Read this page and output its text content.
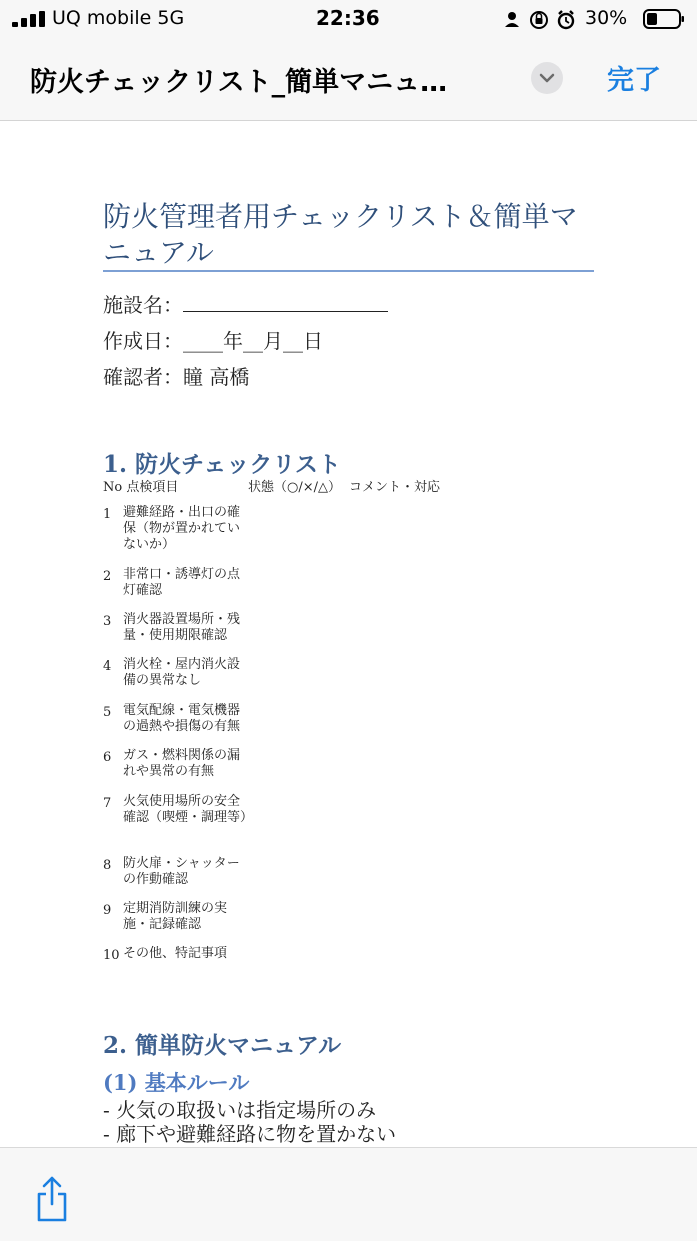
UQ mobile 5G	22:36	30%
防火チェックリスト_簡単マニュ…	完了
防火管理者用チェックリスト＆簡単マニュアル
施設名：
作成日：____年__月__日
確認者：瞳 高橋
1. 防火チェックリスト
No 点検項目	状態（○/×/△） コメント・対応
1 避難経路・出口の確保（物が置かれていないか）
2 非常口・誘導灯の点灯確認
3 消火器設置場所・残量・使用期限確認
4 消火栓・屋内消火設備の異常なし
5 電気配線・電気機器の過熱や損傷の有無
6 ガス・燃料関係の漏れや異常の有無
7 火気使用場所の安全確認（喫煙・調理等）
8 防火扉・シャッターの作動確認
9 定期消防訓練の実施・記録確認
10 その他、特記事項
2. 簡単防火マニュアル
(1) 基本ルール
- 火気の取扱いは指定場所のみ
- 廊下や避難経路に物を置かない
